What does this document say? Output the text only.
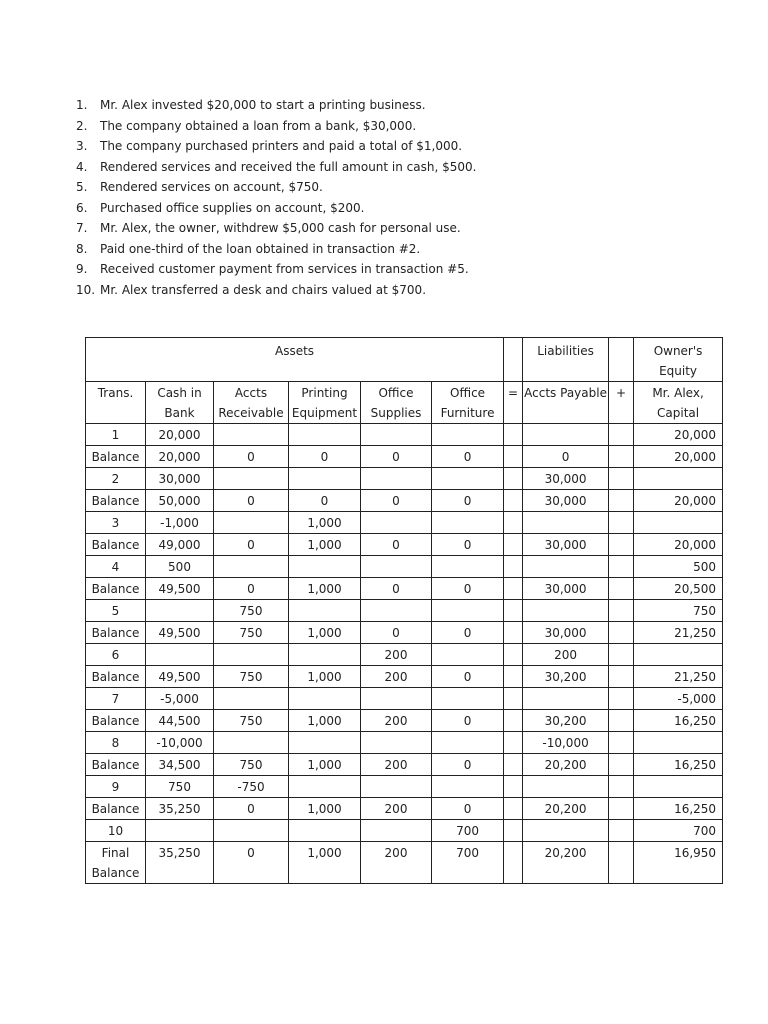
1.	Mr. Alex invested $20,000 to start a printing business.
2.	The company obtained a loan from a bank, $30,000.
3.	The company purchased printers and paid a total of $1,000.
4.	Rendered services and received the full amount in cash, $500.
5.	Rendered services on account, $750.
6.	Purchased office supplies on account, $200.
7.	Mr. Alex, the owner, withdrew $5,000 cash for personal use.
8.	Paid one-third of the loan obtained in transaction #2.
9.	Received customer payment from services in transaction #5.
10. Mr. Alex transferred a desk and chairs valued at $700.
Assets							Liabilities		Owner's Equity
Trans.	Cash in Bank	Accts Receivable	Printing Equipment	Office Supplies	Office Furniture	=	Accts Payable	+	Mr. Alex, Capital
1	20,000								20,000
Balance	20,000	0	0	0	0		0		20,000
2	30,000						30,000		
Balance	50,000	0	0	0	0		30,000		20,000
3	-1,000		1,000						
Balance	49,000	0	1,000	0	0		30,000		20,000
4	500								500
Balance	49,500	0	1,000	0	0		30,000		20,500
5		750							750
Balance	49,500	750	1,000	0	0		30,000		21,250
6				200			200		
Balance	49,500	750	1,000	200	0		30,200		21,250
7	-5,000								-5,000
Balance	44,500	750	1,000	200	0		30,200		16,250
8	-10,000						-10,000		
Balance	34,500	750	1,000	200	0		20,200		16,250
9	750	-750							
Balance	35,250	0	1,000	200	0		20,200		16,250
10					700				700
Final Balance	35,250	0	1,000	200	700		20,200		16,950
